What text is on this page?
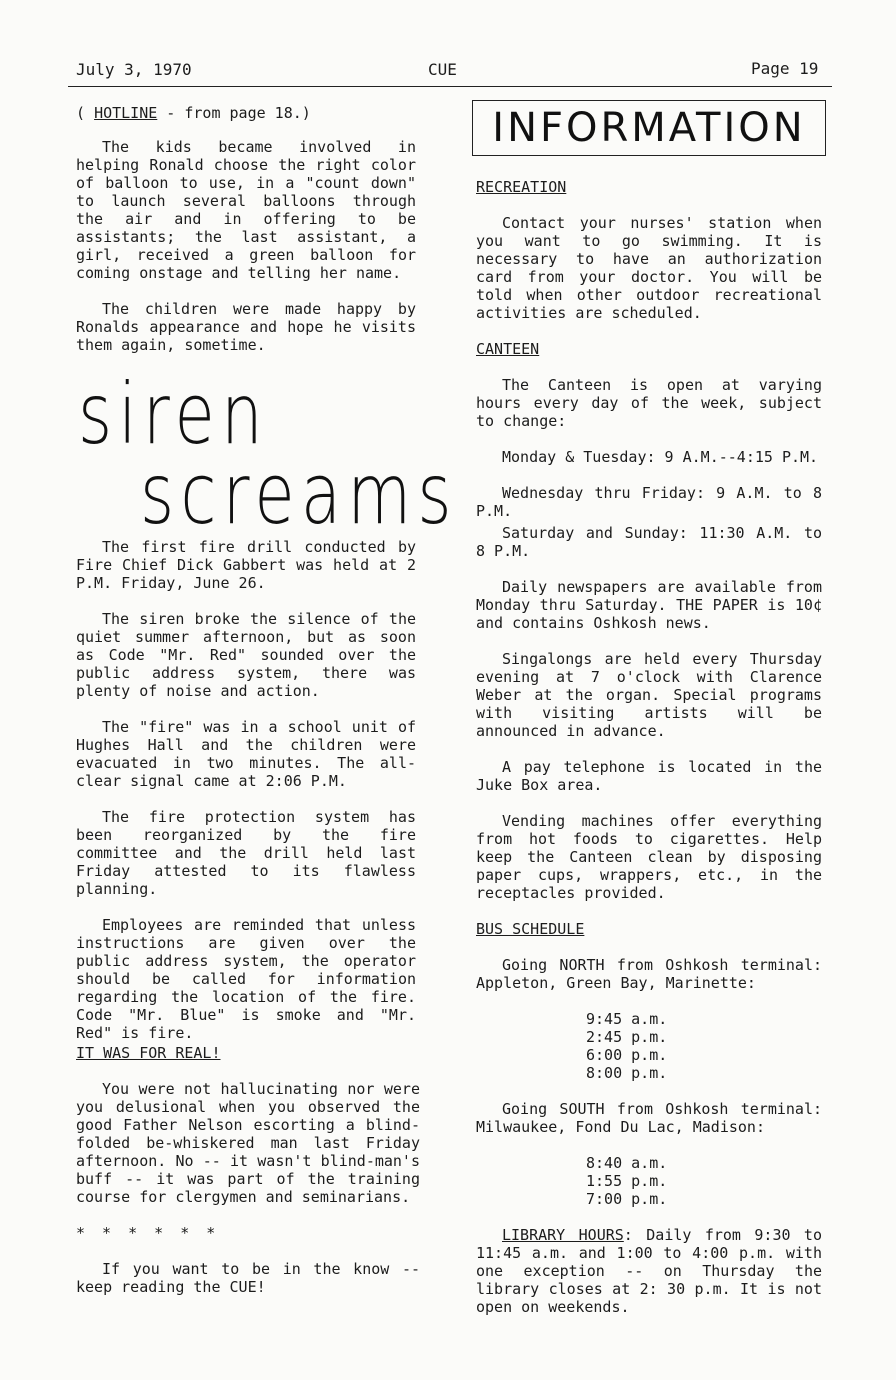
July 3, 1970	CUE	Page 19

( HOTLINE - from page 18.)

The kids became involved in helping Ronald choose the right color of balloon to use, in a "count down" to launch several balloons through the air and in offering to be assistants; the last assistant, a girl, received a green balloon for coming onstage and telling her name.

The children were made happy by Ronalds appearance and hope he visits them again, sometime.

siren
screams

The first fire drill conducted by Fire Chief Dick Gabbert was held at 2 P.M. Friday, June 26.

The siren broke the silence of the quiet summer afternoon, but as soon as Code "Mr. Red" sounded over the public address system, there was plenty of noise and action.

The "fire" was in a school unit of Hughes Hall and the children were evacuated in two minutes. The all-clear signal came at 2:06 P.M.

The fire protection system has been reorganized by the fire committee and the drill held last Friday attested to its flawless planning.

Employees are reminded that unless instructions are given over the public address system, the operator should be called for information regarding the location of the fire. Code "Mr. Blue" is smoke and "Mr. Red" is fire.

IT WAS FOR REAL!

You were not hallucinating nor were you delusional when you observed the good Father Nelson escorting a blind-folded be-whiskered man last Friday afternoon. No -- it wasn't blind-man's buff -- it was part of the training course for clergymen and seminarians.

* * * * * *

If you want to be in the know -- keep reading the CUE!

INFORMATION

RECREATION

Contact your nurses' station when you want to go swimming. It is necessary to have an authorization card from your doctor. You will be told when other outdoor recreational activities are scheduled.

CANTEEN

The Canteen is open at varying hours every day of the week, subject to change:

Monday & Tuesday: 9 A.M.--4:15 P.M.

Wednesday thru Friday: 9 A.M. to 8 P.M.

Saturday and Sunday: 11:30 A.M. to 8 P.M.

Daily newspapers are available from Monday thru Saturday. THE PAPER is 10¢ and contains Oshkosh news.

Singalongs are held every Thursday evening at 7 o'clock with Clarence Weber at the organ. Special programs with visiting artists will be announced in advance.

A pay telephone is located in the Juke Box area.

Vending machines offer everything from hot foods to cigarettes. Help keep the Canteen clean by disposing paper cups, wrappers, etc., in the receptacles provided.

BUS SCHEDULE

Going NORTH from Oshkosh terminal: Appleton, Green Bay, Marinette:

9:45 a.m.

2:45 p.m.

6:00 p.m.

8:00 p.m.

Going SOUTH from Oshkosh terminal: Milwaukee, Fond Du Lac, Madison:

8:40 a.m.

1:55 p.m.

7:00 p.m.

LIBRARY HOURS: Daily from 9:30 to 11:45 a.m. and 1:00 to 4:00 p.m. with one exception -- on Thursday the library closes at 2: 30 p.m. It is not open on weekends.
